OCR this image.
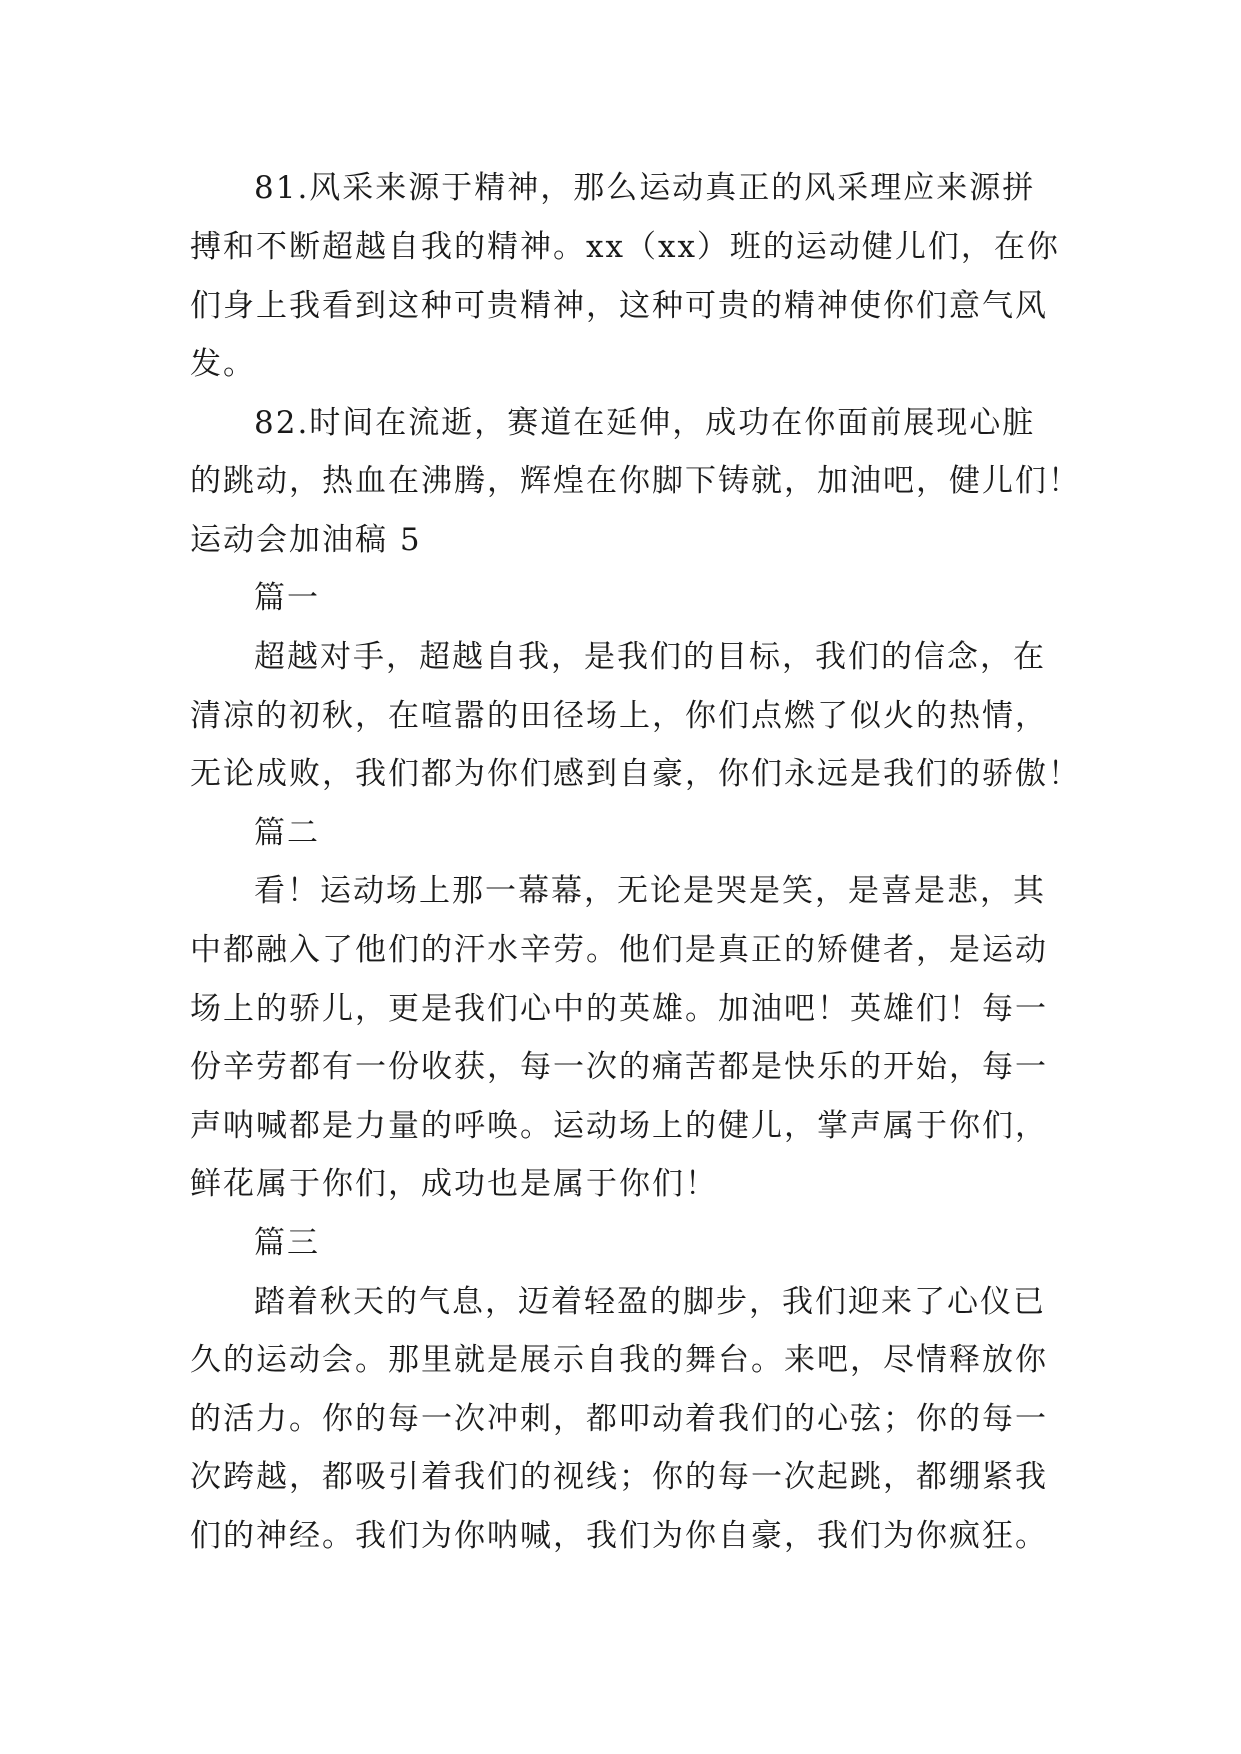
81.风采来源于精神，那么运动真正的风采理应来源拼
搏和不断超越自我的精神。xx（xx）班的运动健儿们，在你
们身上我看到这种可贵精神，这种可贵的精神使你们意气风
发。
82.时间在流逝，赛道在延伸，成功在你面前展现心脏
的跳动，热血在沸腾，辉煌在你脚下铸就，加油吧，健儿们！
运动会加油稿 5
篇一
超越对手，超越自我，是我们的目标，我们的信念，在
清凉的初秋，在喧嚣的田径场上，你们点燃了似火的热情，
无论成败，我们都为你们感到自豪，你们永远是我们的骄傲！
篇二
看！运动场上那一幕幕，无论是哭是笑，是喜是悲，其
中都融入了他们的汗水辛劳。他们是真正的矫健者，是运动
场上的骄儿，更是我们心中的英雄。加油吧！英雄们！每一
份辛劳都有一份收获，每一次的痛苦都是快乐的开始，每一
声呐喊都是力量的呼唤。运动场上的健儿，掌声属于你们，
鲜花属于你们，成功也是属于你们！
篇三
踏着秋天的气息，迈着轻盈的脚步，我们迎来了心仪已
久的运动会。那里就是展示自我的舞台。来吧，尽情释放你
的活力。你的每一次冲刺，都叩动着我们的心弦；你的每一
次跨越，都吸引着我们的视线；你的每一次起跳，都绷紧我
们的神经。我们为你呐喊，我们为你自豪，我们为你疯狂。
